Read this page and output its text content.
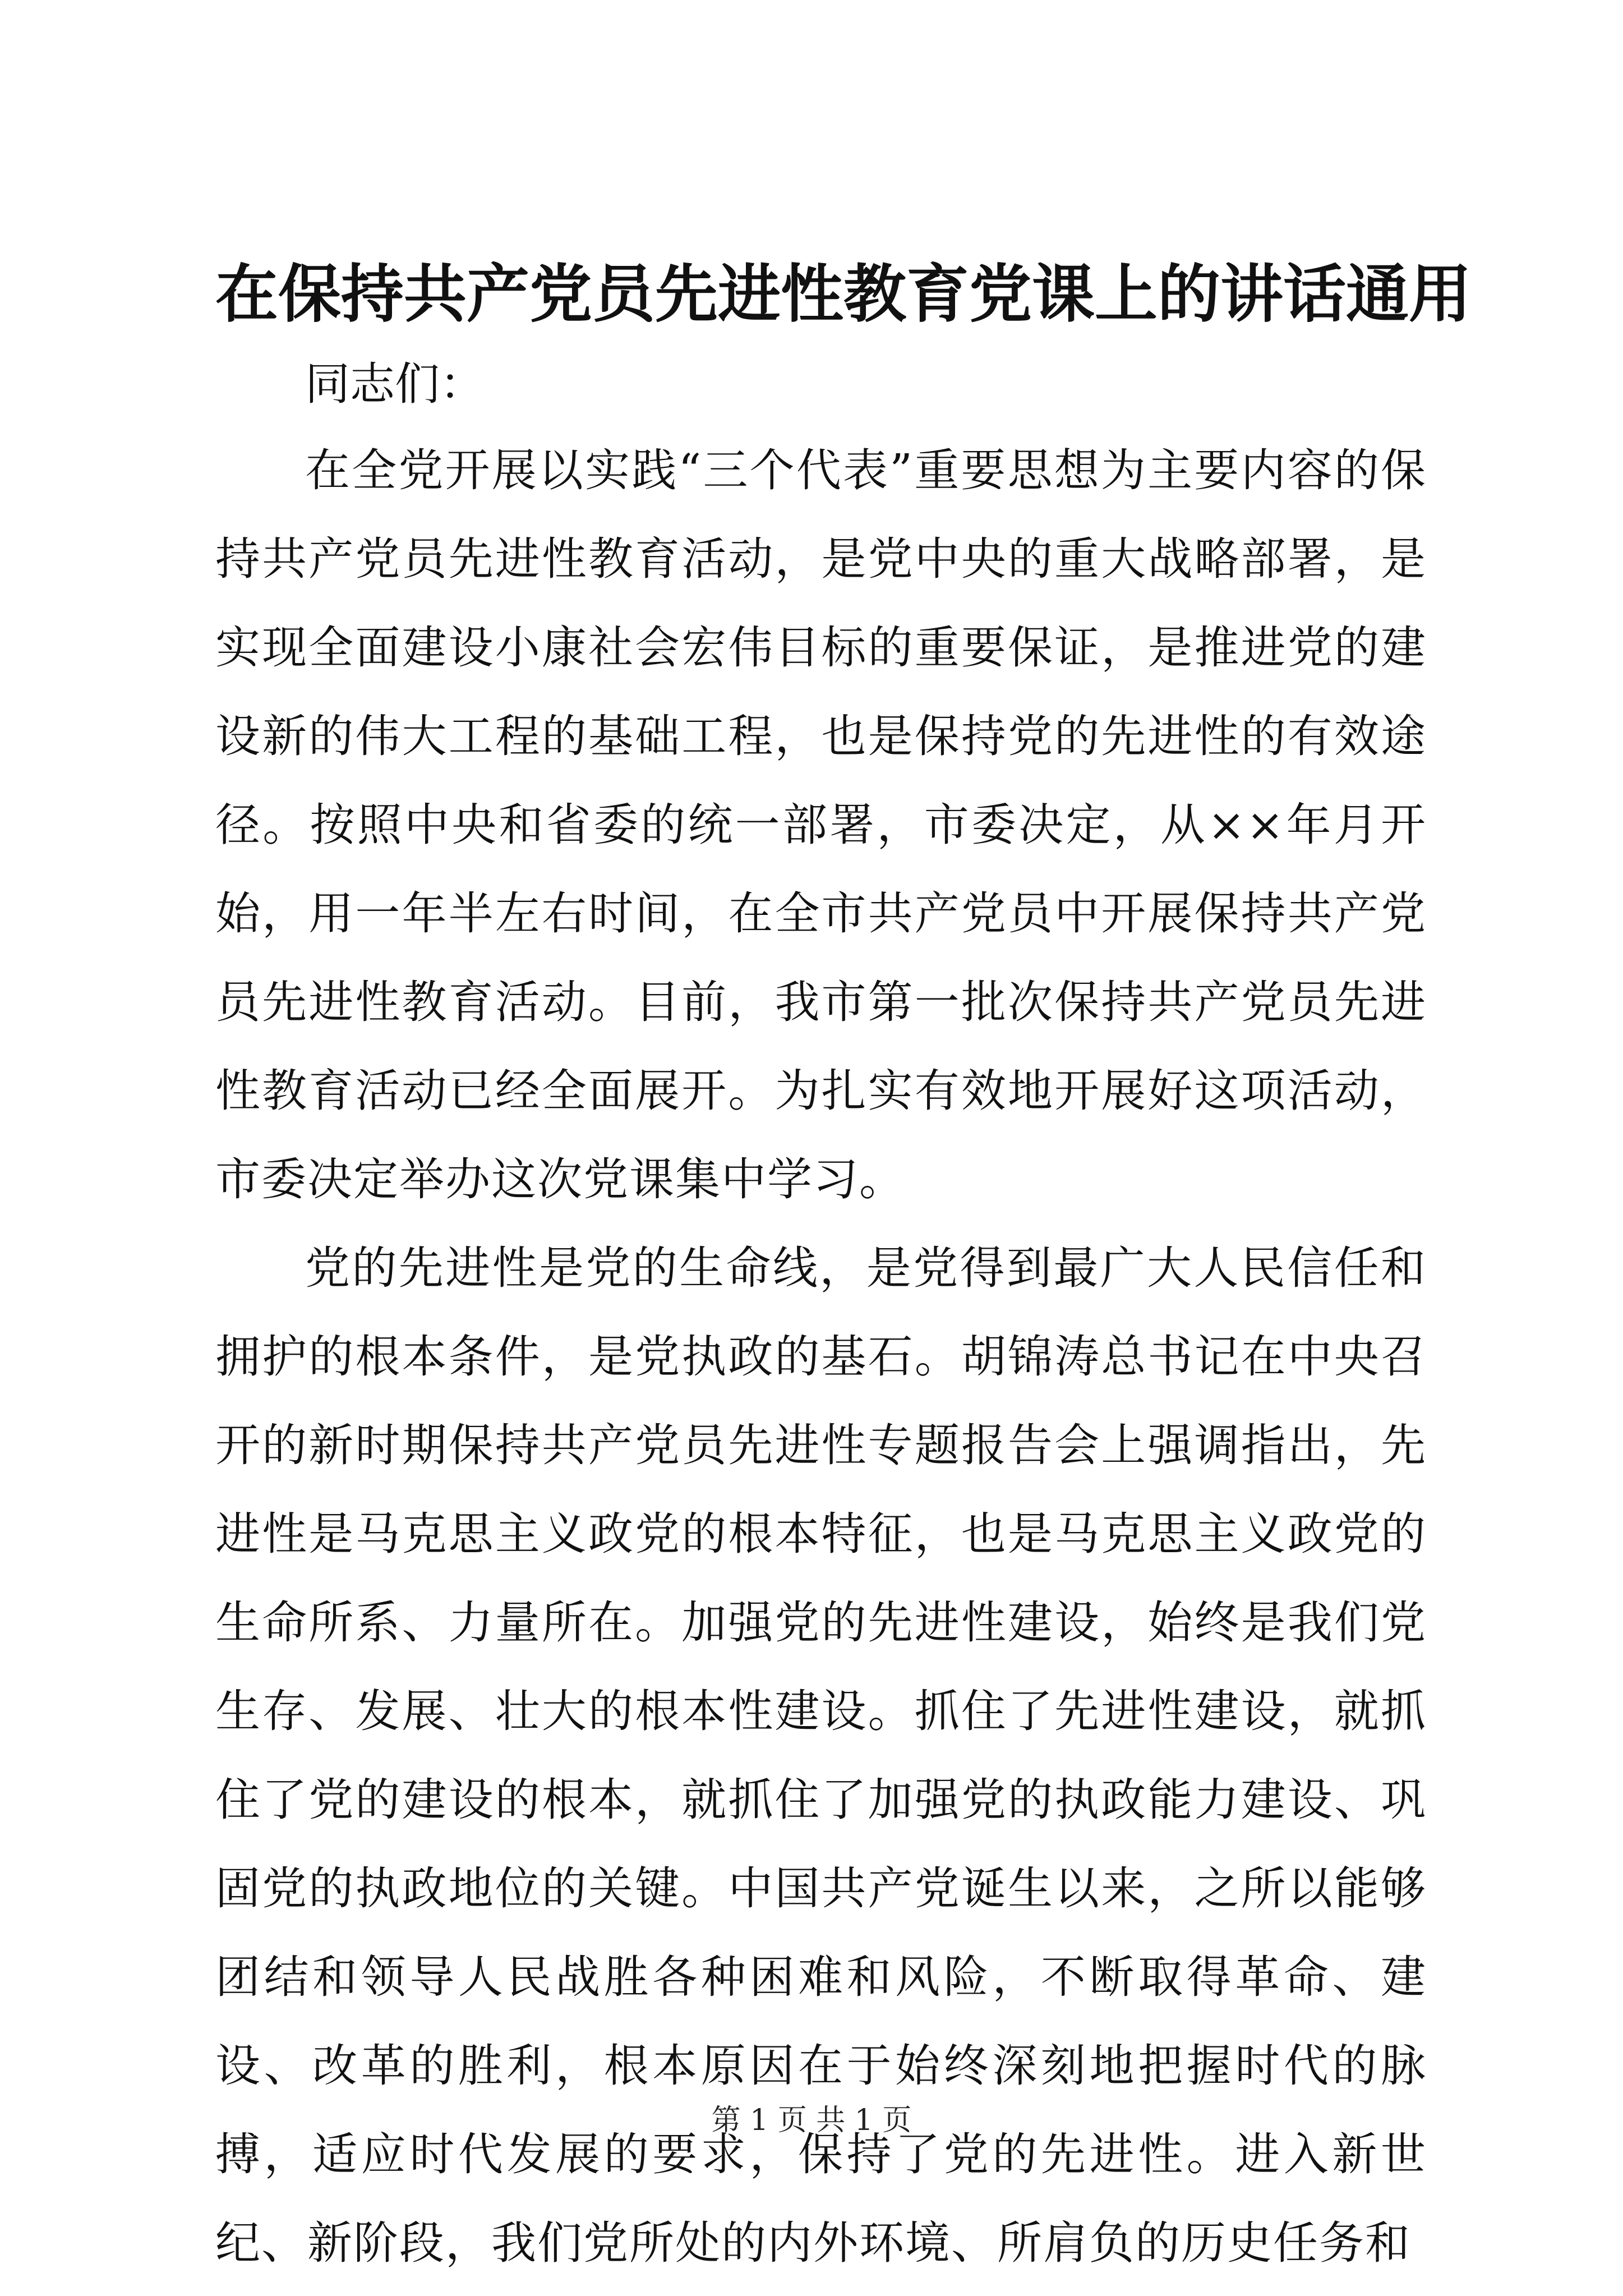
在保持共产党员先进性教育党课上的讲话通用

同志们：

在全党开展以实践“三个代表”重要思想为主要内容的保持共产党员先进性教育活动，是党中央的重大战略部署，是实现全面建设小康社会宏伟目标的重要保证，是推进党的建设新的伟大工程的基础工程，也是保持党的先进性的有效途径。按照中央和省委的统一部署，市委决定，从××年月开始，用一年半左右时间，在全市共产党员中开展保持共产党员先进性教育活动。目前，我市第一批次保持共产党员先进性教育活动已经全面展开。为扎实有效地开展好这项活动，市委决定举办这次党课集中学习。

党的先进性是党的生命线，是党得到最广大人民信任和拥护的根本条件，是党执政的基石。胡锦涛总书记在中央召开的新时期保持共产党员先进性专题报告会上强调指出，先进性是马克思主义政党的根本特征，也是马克思主义政党的生命所系、力量所在。加强党的先进性建设，始终是我们党生存、发展、壮大的根本性建设。抓住了先进性建设，就抓住了党的建设的根本，就抓住了加强党的执政能力建设、巩固党的执政地位的关键。中国共产党诞生以来，之所以能够团结和领导人民战胜各种困难和风险，不断取得革命、建设、改革的胜利，根本原因在于始终深刻地把握时代的脉搏，适应时代发展的要求，保持了党的先进性。进入新世纪、新阶段，我们党所处的内外环境、所肩负的历史任务和

第 1 页 共 1 页
